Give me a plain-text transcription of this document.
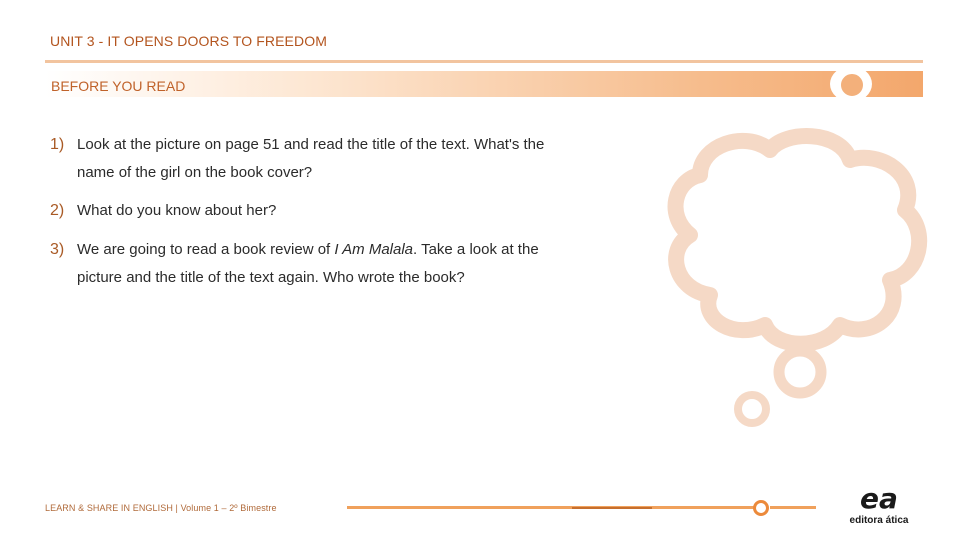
UNIT 3 - IT OPENS DOORS TO FREEDOM
BEFORE YOU READ
1) Look at the picture on page 51 and read the title of the text. What's the name of the girl on the book cover?
2) What do you know about her?
3) We are going to read a book review of I Am Malala. Take a look at the picture and the title of the text again. Who wrote the book?
LEARN & SHARE IN ENGLISH | Volume 1 – 2º Bimestre	ea
editora ática
